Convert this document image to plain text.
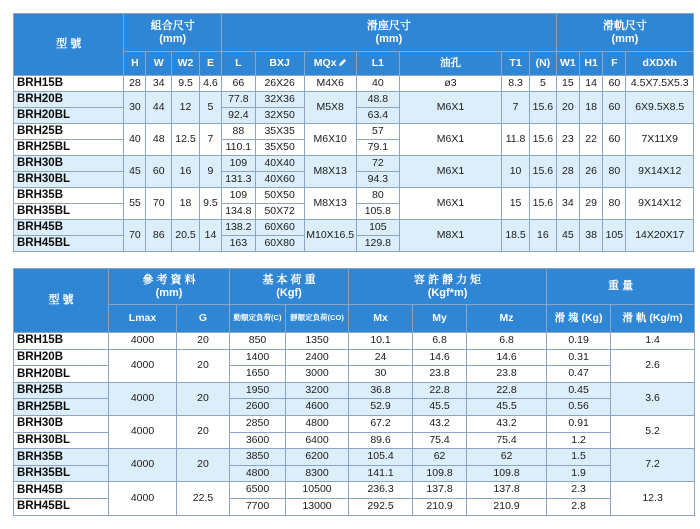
型 號	組合尺寸
(mm)				滑座尺寸
(mm)							滑軌尺寸
(mm)			
	H	W	W2	E	L	BXJ	MQx	L1	油孔	T1	(N)	W1	H1	F	dXDXh
BRH15B	28	34	9.5	4.6	66	26X26	M4X6	40	ø3	8.3	5	15	14	60	4.5X7.5X5.3
BRH20B	30	44	12	5	77.8	32X36	M5X8	48.8	M6X1	7	15.6	20	18	60	6X9.5X8.5
BRH20BL					92.4	32X50		63.4							
BRH25B	40	48	12.5	7	88	35X35	M6X10	57	M6X1	11.8	15.6	23	22	60	7X11X9
BRH25BL					110.1	35X50		79.1							
BRH30B	45	60	16	9	109	40X40	M8X13	72	M6X1	10	15.6	28	26	80	9X14X12
BRH30BL					131.3	40X60		94.3							
BRH35B	55	70	18	9.5	109	50X50	M8X13	80	M6X1	15	15.6	34	29	80	9X14X12
BRH35BL					134.8	50X72		105.8							
BRH45B	70	86	20.5	14	138.2	60X60	M10X16.5	105	M8X1	18.5	16	45	38	105	14X20X17
BRH45BL					163	60X80		129.8							
型 號	參 考 資 料
(mm)		基 本 荷 重
(Kgf)		容 許 靜 力 矩
(Kgf*m)			重 量	
	Lmax	G	動額定負荷(C)	靜額定負荷(CO)	Mx	My	Mz	滑 塊 (Kg)	滑 軌 (Kg/m)
BRH15B	4000	20	850	1350	10.1	6.8	6.8	0.19	1.4
BRH20B	4000	20	1400	2400	24	14.6	14.6	0.31	2.6
BRH20BL			1650	3000	30	23.8	23.8	0.47	
BRH25B	4000	20	1950	3200	36.8	22.8	22.8	0.45	3.6
BRH25BL			2600	4600	52.9	45.5	45.5	0.56	
BRH30B	4000	20	2850	4800	67.2	43.2	43.2	0.91	5.2
BRH30BL			3600	6400	89.6	75.4	75.4	1.2	
BRH35B	4000	20	3850	6200	105.4	62	62	1.5	7.2
BRH35BL			4800	8300	141.1	109.8	109.8	1.9	
BRH45B	4000	22.5	6500	10500	236.3	137.8	137.8	2.3	12.3
BRH45BL			7700	13000	292.5	210.9	210.9	2.8	
